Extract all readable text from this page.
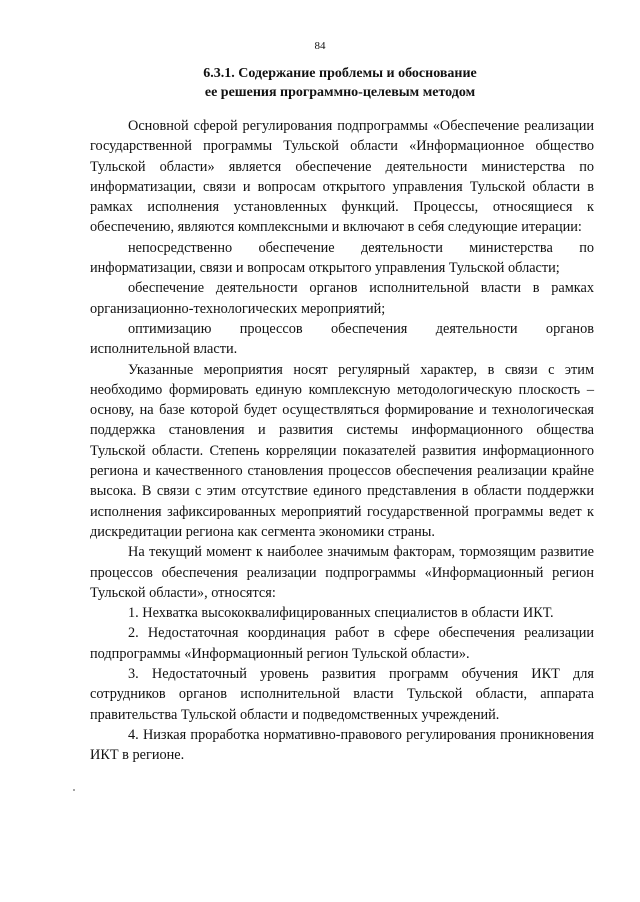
84
6.3.1. Содержание проблемы и обоснование
ее решения программно-целевым методом

Основной сферой регулирования подпрограммы «Обеспечение реализации государственной программы Тульской области «Информационное общество Тульской области» является обеспечение деятельности министерства по информатизации, связи и вопросам открытого управления Тульской области в рамках исполнения установленных функций. Процессы, относящиеся к обеспечению, являются комплексными и включают в себя следующие итерации:

непосредственно обеспечение деятельности министерства по информатизации, связи и вопросам открытого управления Тульской области;

обеспечение деятельности органов исполнительной власти в рамках организационно-технологических мероприятий;

оптимизацию процессов обеспечения деятельности органов исполнительной власти.

Указанные мероприятия носят регулярный характер, в связи с этим необходимо формировать единую комплексную методологическую плоскость – основу, на базе которой будет осуществляться формирование и технологическая поддержка становления и развития системы информационного общества Тульской области. Степень корреляции показателей развития информационного региона и качественного становления процессов обеспечения реализации крайне высока. В связи с этим отсутствие единого представления в области поддержки исполнения зафиксированных мероприятий государственной программы ведет к дискредитации региона как сегмента экономики страны.

На текущий момент к наиболее значимым факторам, тормозящим развитие процессов обеспечения реализации подпрограммы «Информационный регион Тульской области», относятся:

1. Нехватка высококвалифицированных специалистов в области ИКТ.

2. Недостаточная координация работ в сфере обеспечения реализации подпрограммы «Информационный регион Тульской области».

3. Недостаточный уровень развития программ обучения ИКТ для сотрудников органов исполнительной власти Тульской области, аппарата правительства Тульской области и подведомственных учреждений.

4. Низкая проработка нормативно-правового регулирования проникновения ИКТ в регионе.
